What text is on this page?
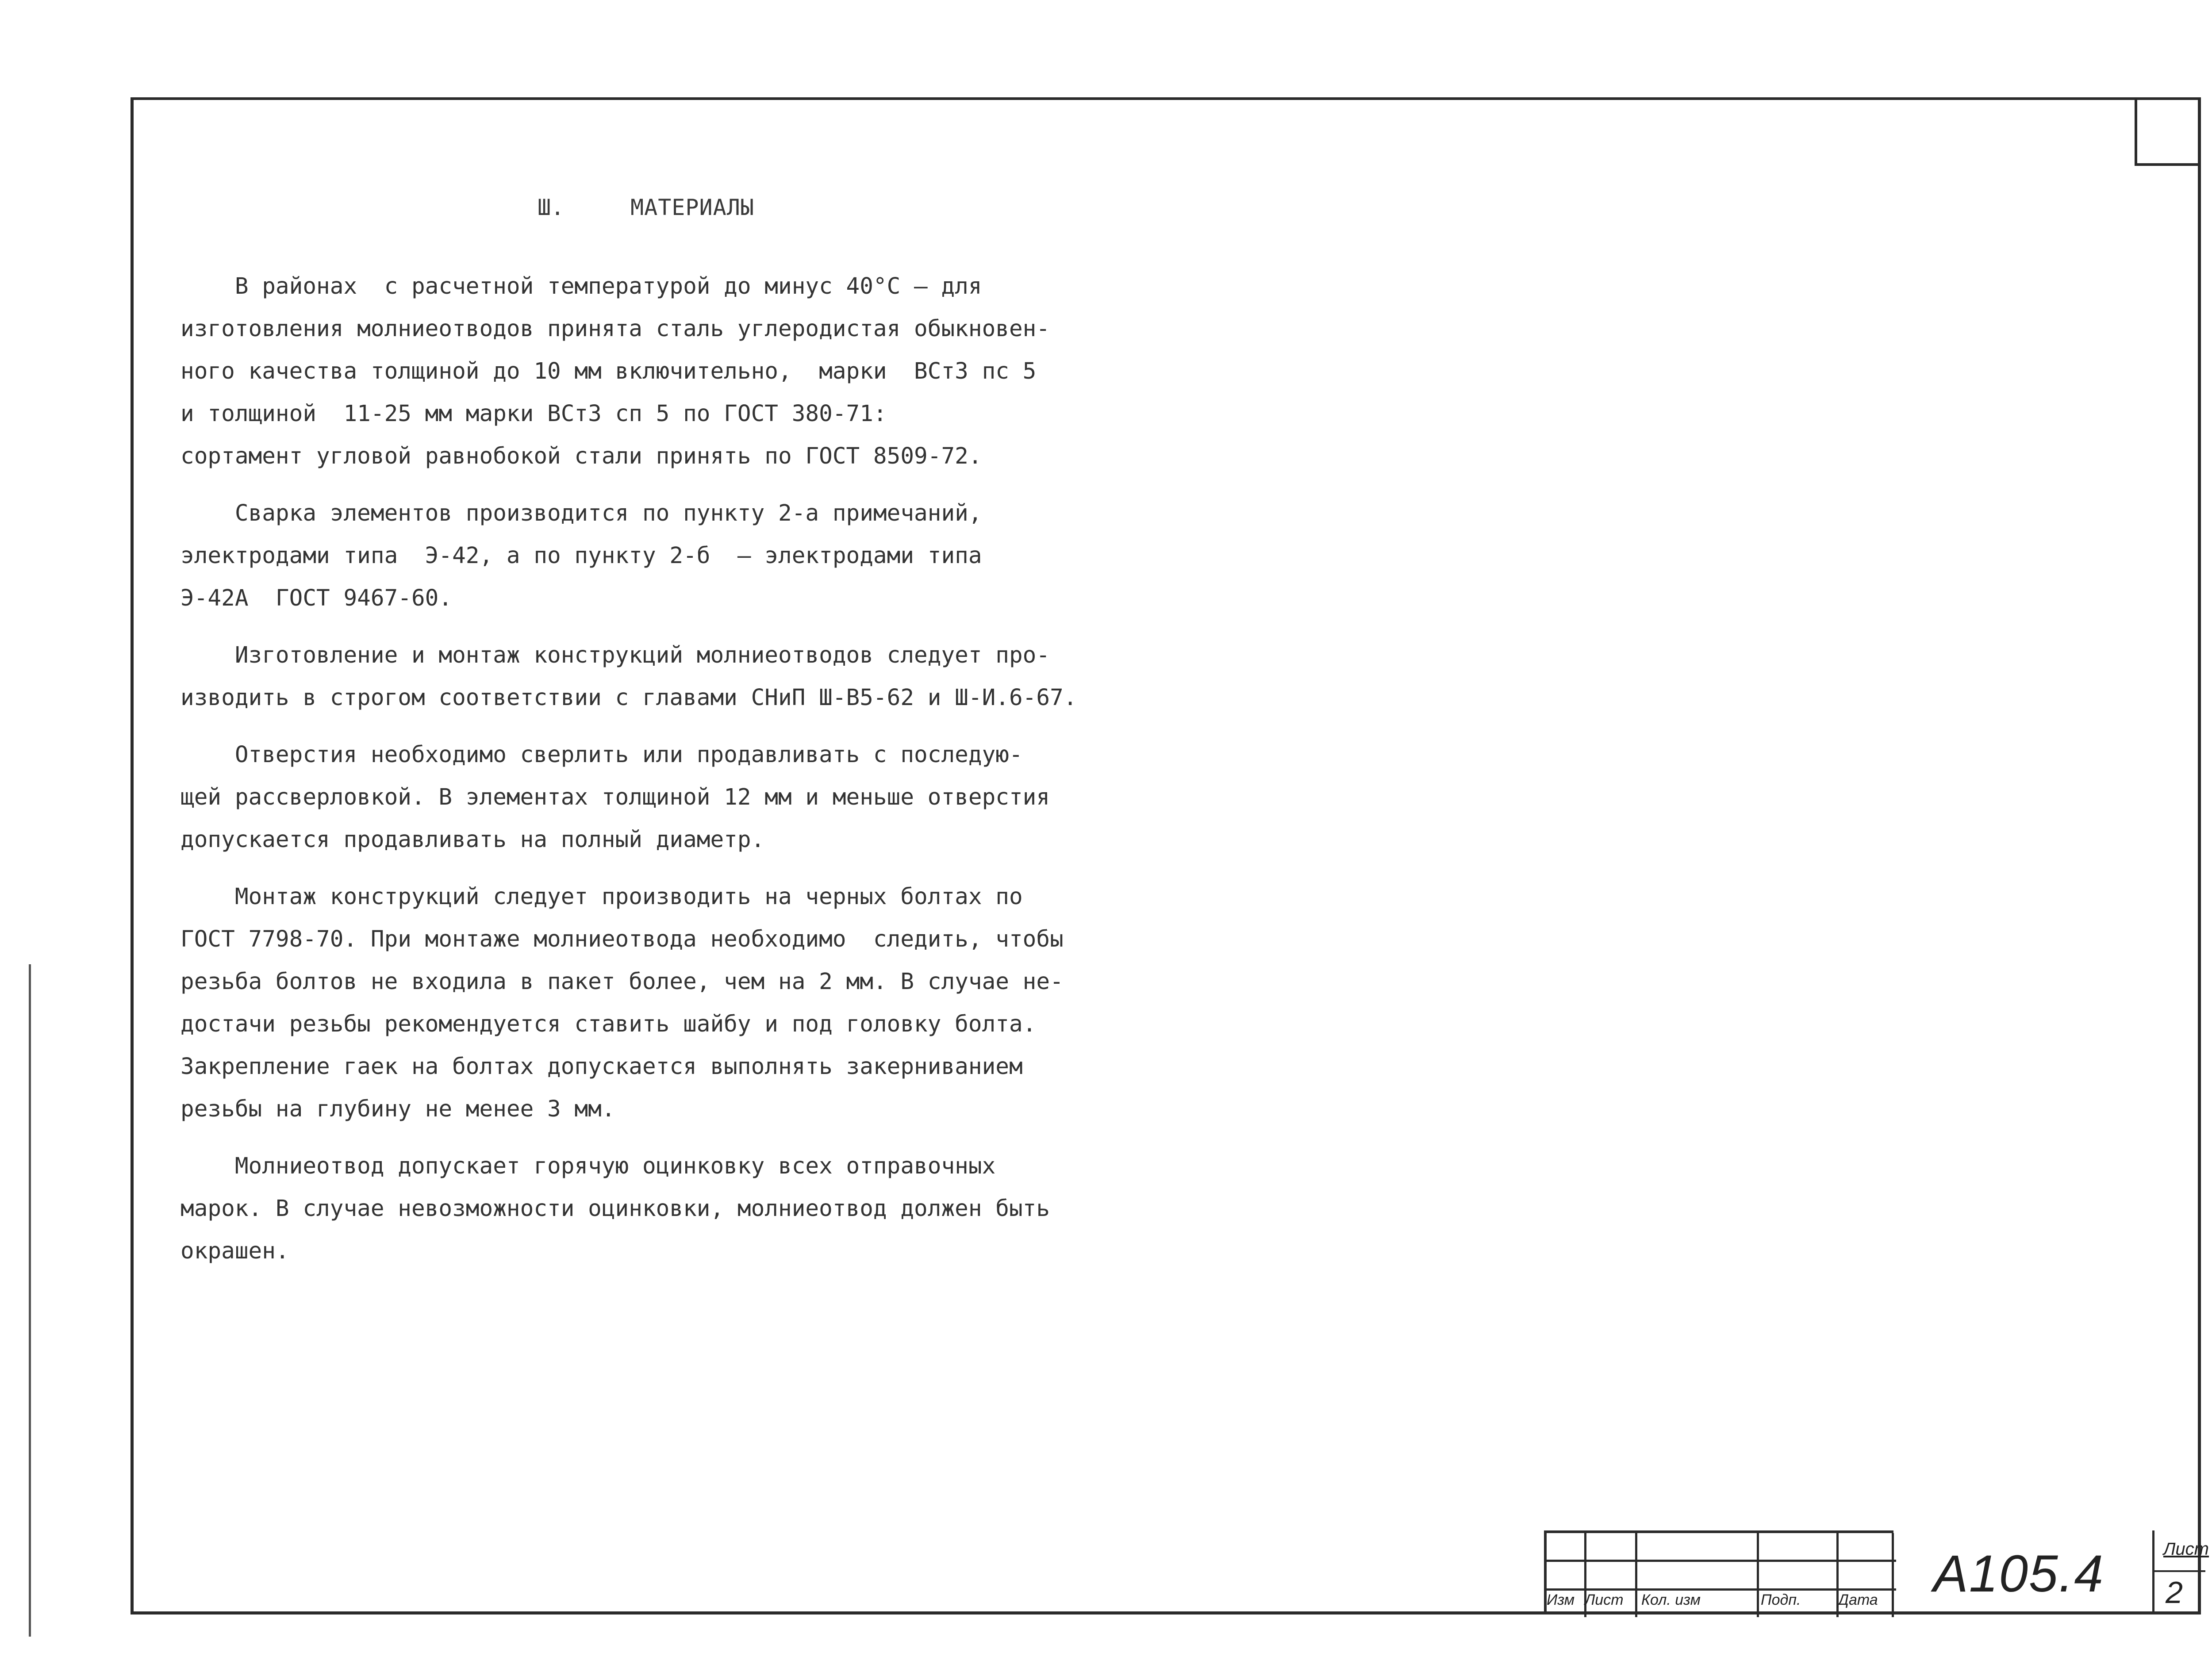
Ш.	МАТЕРИАЛЫ
В районах  с расчетной температурой до минус 40°С – для
изготовления молниеотводов принята сталь углеродистая обыкновен-
ного качества толщиной до 10 мм включительно,  марки  ВСт3 пс 5
и толщиной  11-25 мм марки ВСт3 сп 5 по ГОСТ 380-71:
сортамент угловой равнобокой стали принять по ГОСТ 8509-72.
Сварка элементов производится по пункту 2-а примечаний,
электродами типа  Э-42, а по пункту 2-б  – электродами типа
Э-42А  ГОСТ 9467-60.
Изготовление и монтаж конструкций молниеотводов следует про-
изводить в строгом соответствии с главами СНиП Ш-В5-62 и Ш-И.6-67.
Отверстия необходимо сверлить или продавливать с последую-
щей рассверловкой. В элементах толщиной 12 мм и меньше отверстия
допускается продавливать на полный диаметр.
Монтаж конструкций следует производить на черных болтах по
ГОСТ 7798-70. При монтаже молниеотвода необходимо  следить, чтобы
резьба болтов не входила в пакет более, чем на 2 мм. В случае не-
достачи резьбы рекомендуется ставить шайбу и под головку болта.
Закрепление гаек на болтах допускается выполнять закерниванием
резьбы на глубину не менее 3 мм.
Молниеотвод допускает горячую оцинковку всех отправочных
марок. В случае невозможности оцинковки, молниеотвод должен быть
окрашен.
Изм Лист Кол. изм	Подп. Дата А105.4	Лист
2
